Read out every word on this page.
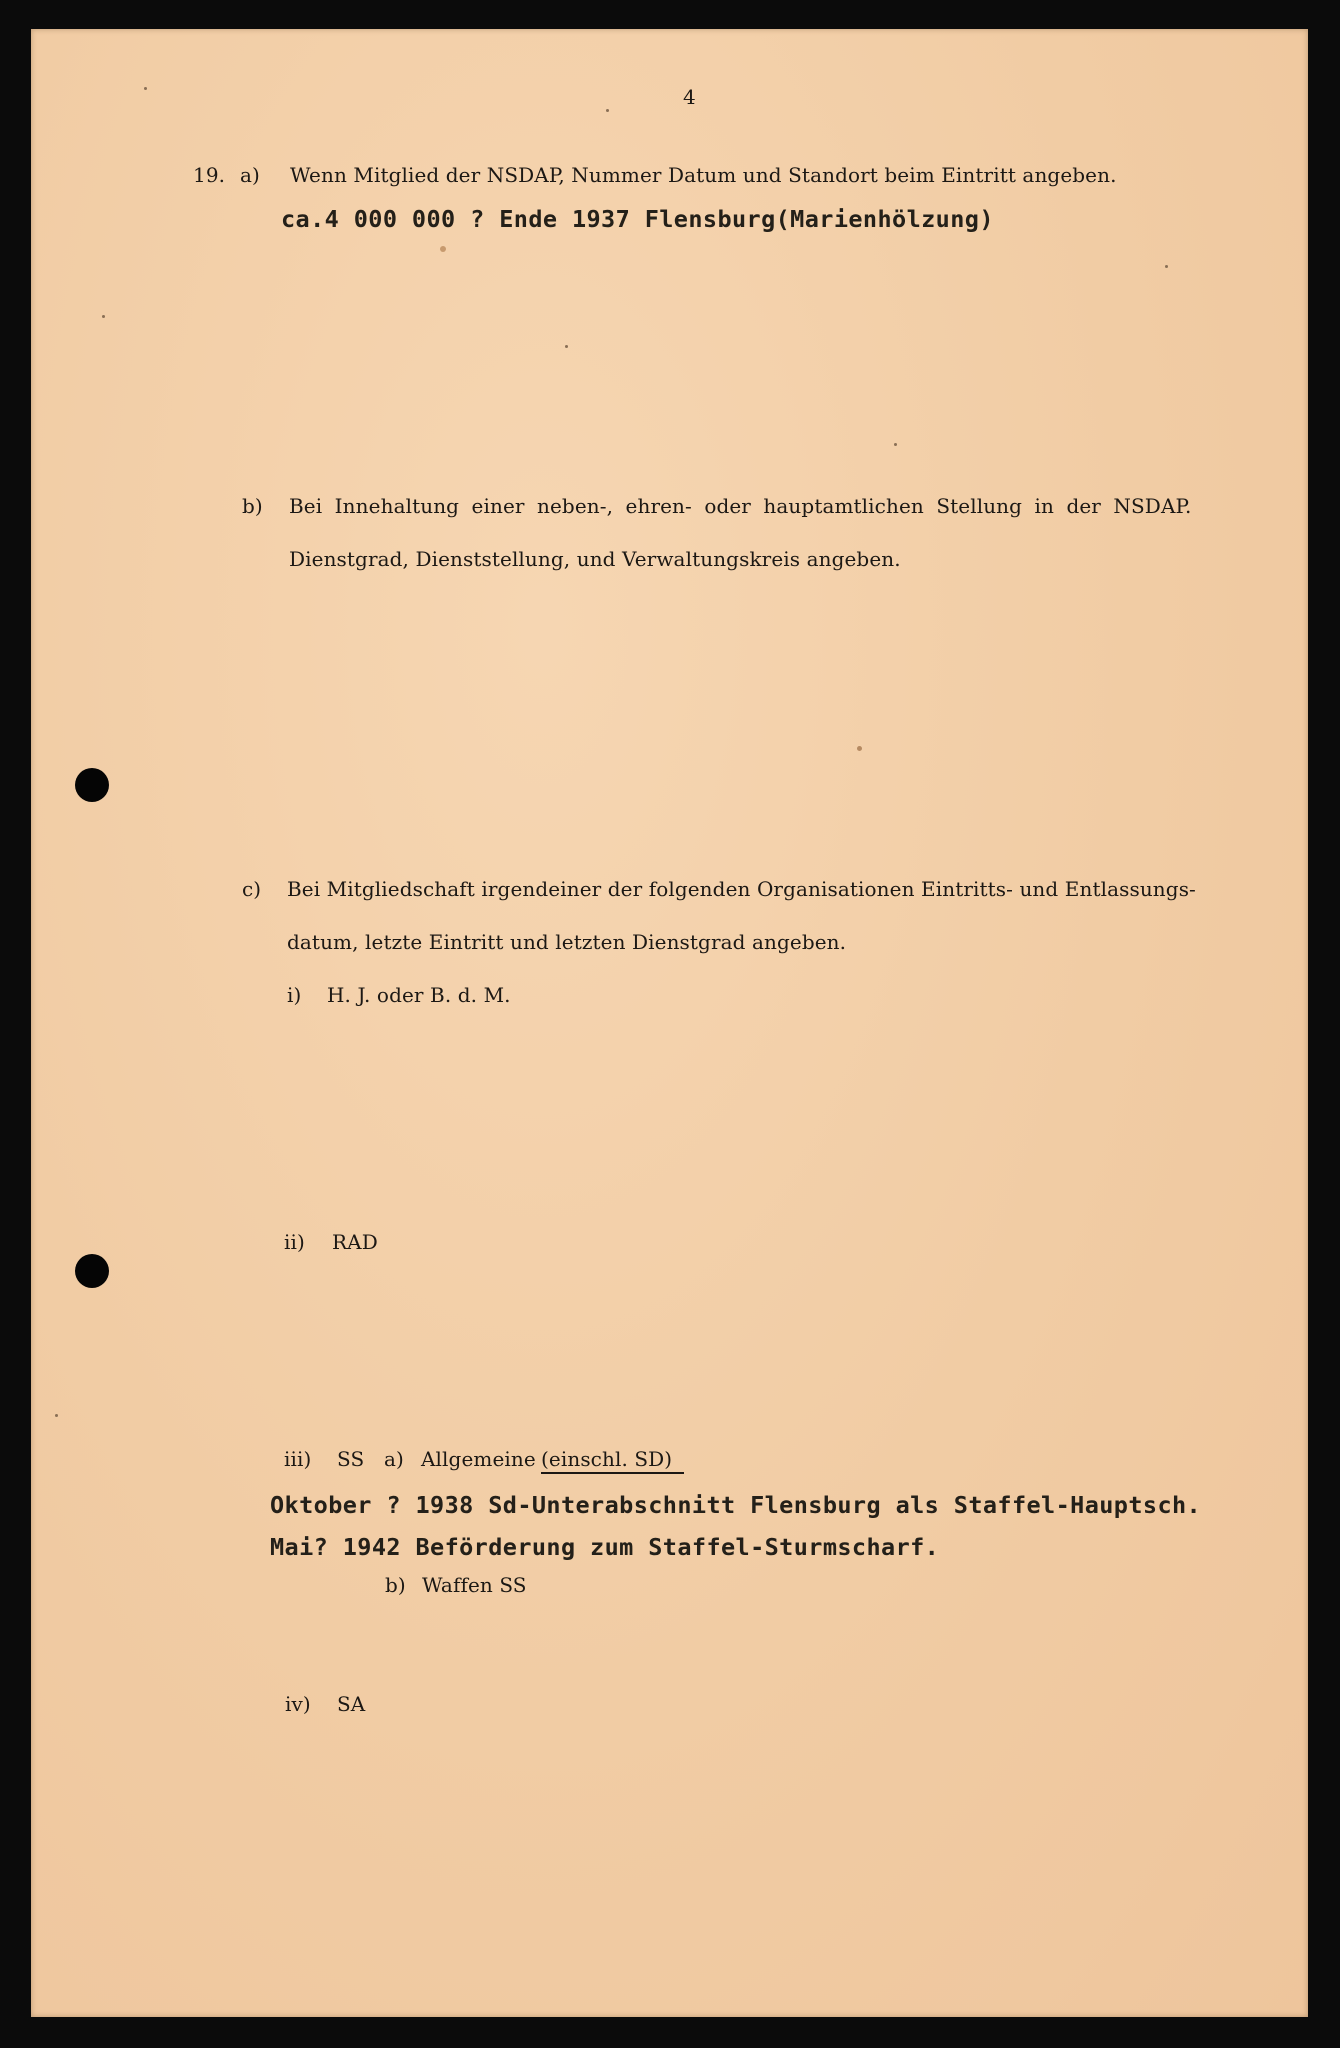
4
19. a) Wenn Mitglied der NSDAP, Nummer Datum und Standort beim Eintritt angeben.
ca.4 000 000 ? Ende 1937 Flensburg(Marienhölzung)
b) Bei Innehaltung einer neben-, ehren- oder hauptamtlichen Stellung in der NSDAP.
Dienstgrad, Dienststellung, und Verwaltungskreis angeben.
c) Bei Mitgliedschaft irgendeiner der folgenden Organisationen Eintritts- und Entlassungs-
datum, letzte Eintritt und letzten Dienstgrad angeben.
i) H. J. oder B. d. M.
ii) RAD
iii) SS a) Allgemeine (einschl. SD)
Oktober ? 1938 Sd-Unterabschnitt Flensburg als Staffel-Hauptsch.
Mai? 1942 Beförderung zum Staffel-Sturmscharf.
b) Waffen SS
iv) SA
